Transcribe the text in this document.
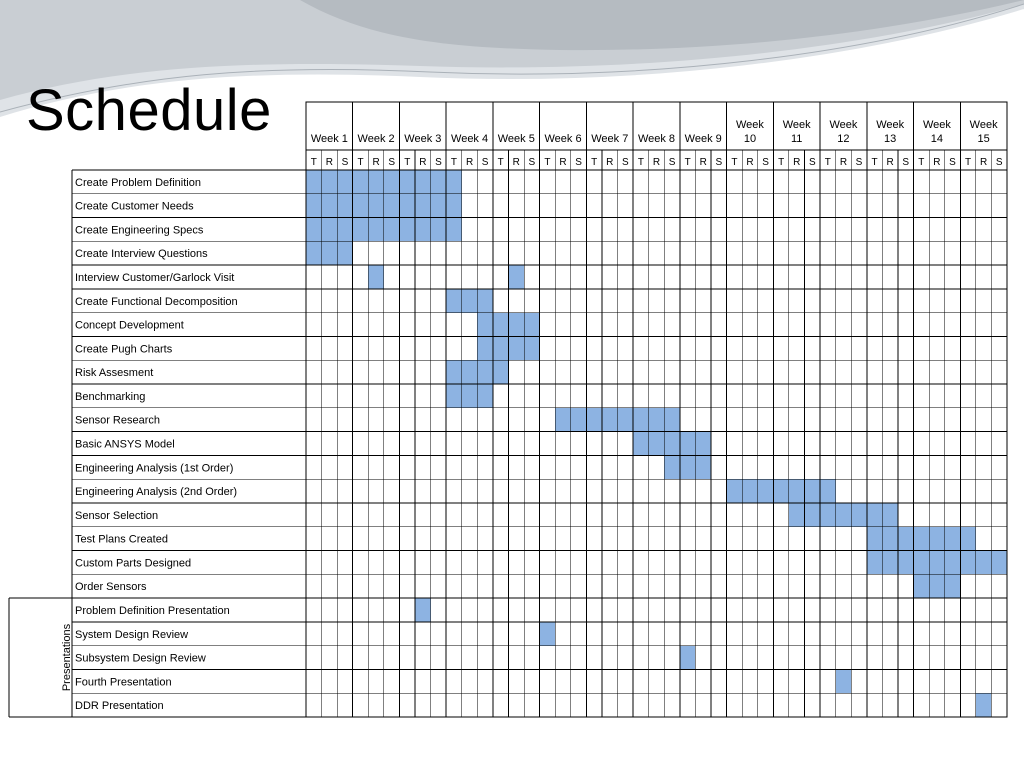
Schedule	Week 1 Week 2 Week 3 Week 4 Week 5 Week 6 Week 7 Week 8 Week 9
Week
10
Week
11
Week
12
Week
13
Week
14
Week
15
T R S T R S T R S T R S T R S T R S T R S T R S T R S T R S T R S T R S T R S T R S T R S
Create Problem Definition
Create Customer Needs
Create Engineering Specs
Create Interview Questions
Interview Customer/Garlock Visit
Create Functional Decomposition
Concept Development
Create Pugh Charts
Risk Assesment
Benchmarking
Sensor Research
Basic ANSYS Model
Engineering Analysis (1st Order)
Engineering Analysis (2nd Order)
Sensor Selection
Test Plans Created
Custom Parts Designed
Order Sensors
Problem Definition Presentation
System Design Review
Subsystem Design Review
Fourth Presentation
DDR Presentation
Presentations
